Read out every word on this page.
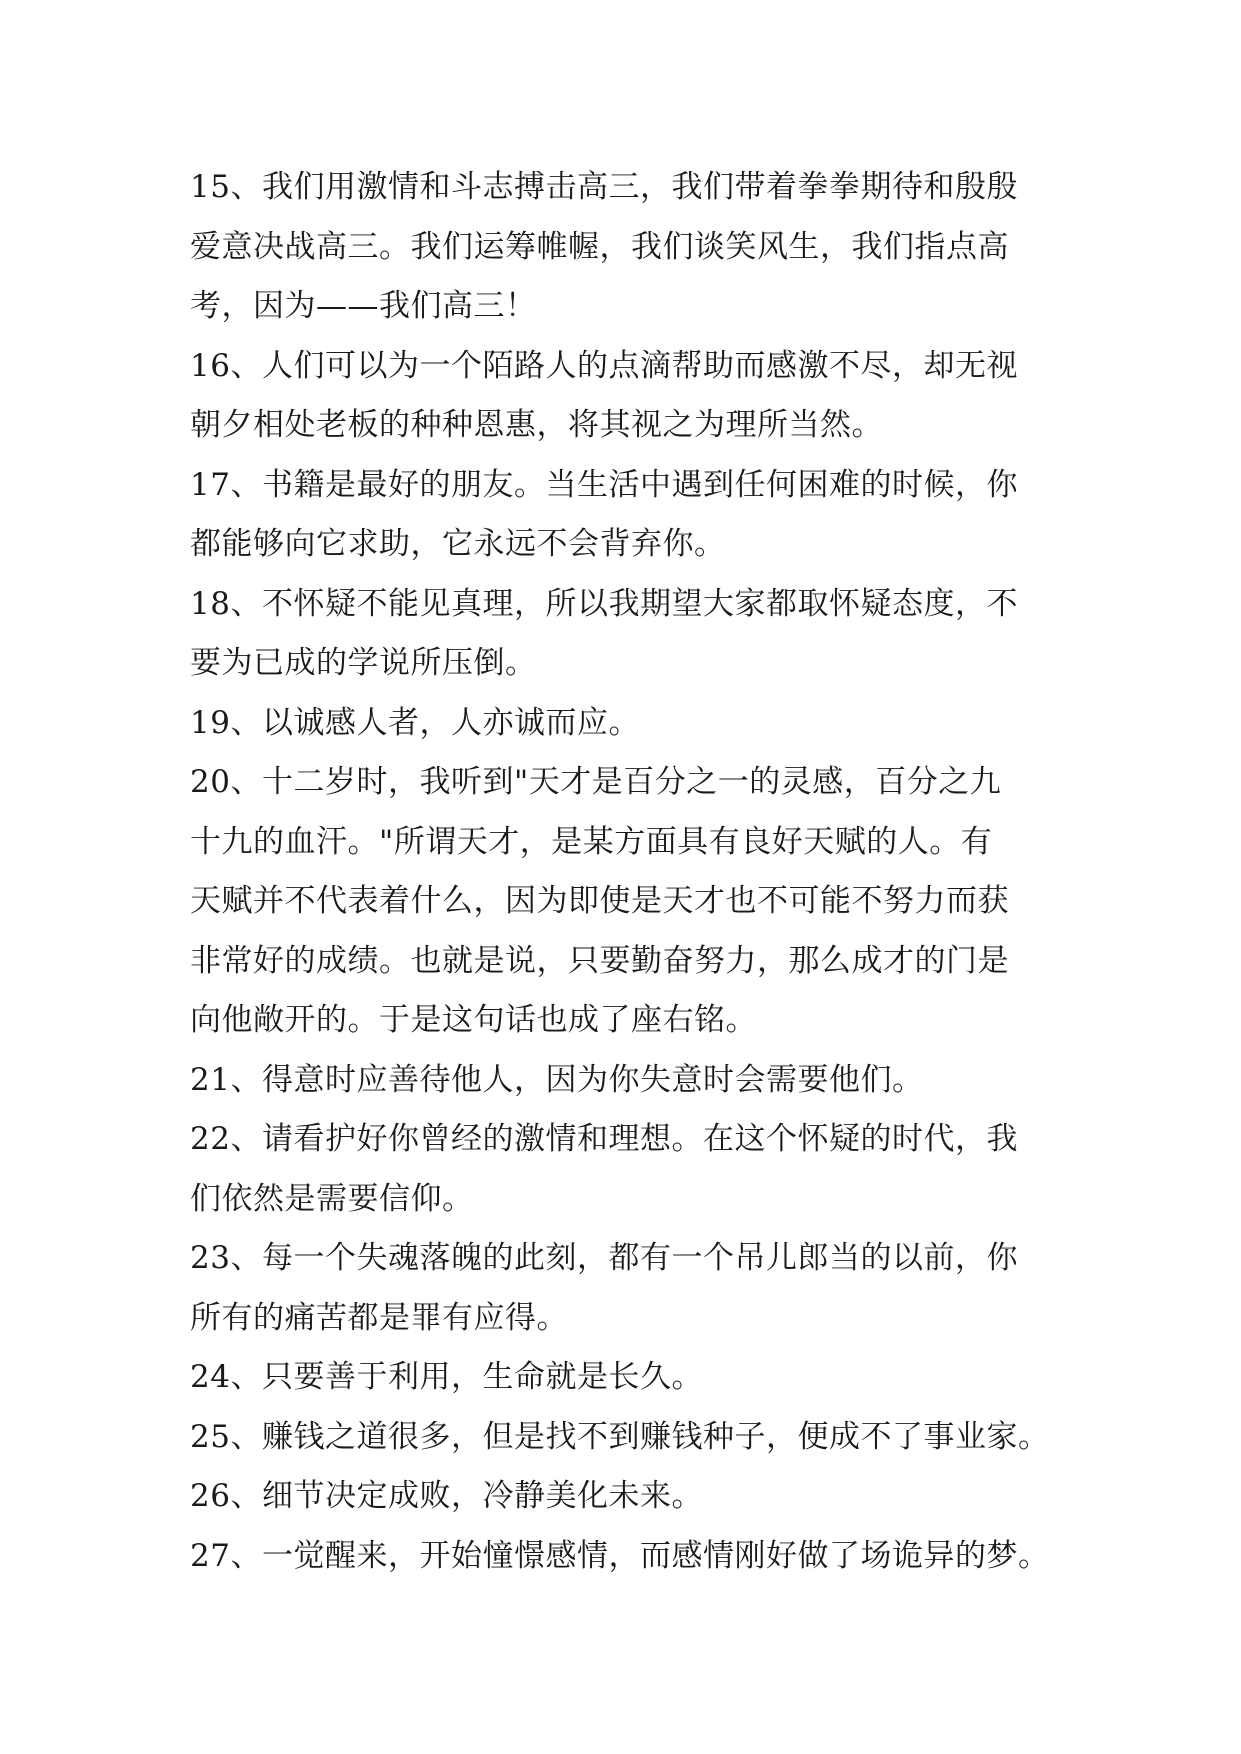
15、我们用激情和斗志搏击高三，我们带着拳拳期待和殷殷
爱意决战高三。我们运筹帷幄，我们谈笑风生，我们指点高
考，因为——我们高三！
16、人们可以为一个陌路人的点滴帮助而感激不尽，却无视
朝夕相处老板的种种恩惠，将其视之为理所当然。
17、书籍是最好的朋友。当生活中遇到任何困难的时候，你
都能够向它求助，它永远不会背弃你。
18、不怀疑不能见真理，所以我期望大家都取怀疑态度，不
要为已成的学说所压倒。
19、以诚感人者，人亦诚而应。
20、十二岁时，我听到"天才是百分之一的灵感，百分之九
十九的血汗。"所谓天才，是某方面具有良好天赋的人。有
天赋并不代表着什么，因为即使是天才也不可能不努力而获
非常好的成绩。也就是说，只要勤奋努力，那么成才的门是
向他敞开的。于是这句话也成了座右铭。
21、得意时应善待他人，因为你失意时会需要他们。
22、请看护好你曾经的激情和理想。在这个怀疑的时代，我
们依然是需要信仰。
23、每一个失魂落魄的此刻，都有一个吊儿郎当的以前，你
所有的痛苦都是罪有应得。
24、只要善于利用，生命就是长久。
25、赚钱之道很多，但是找不到赚钱种子，便成不了事业家。
26、细节决定成败，冷静美化未来。
27、一觉醒来，开始憧憬感情，而感情刚好做了场诡异的梦。
